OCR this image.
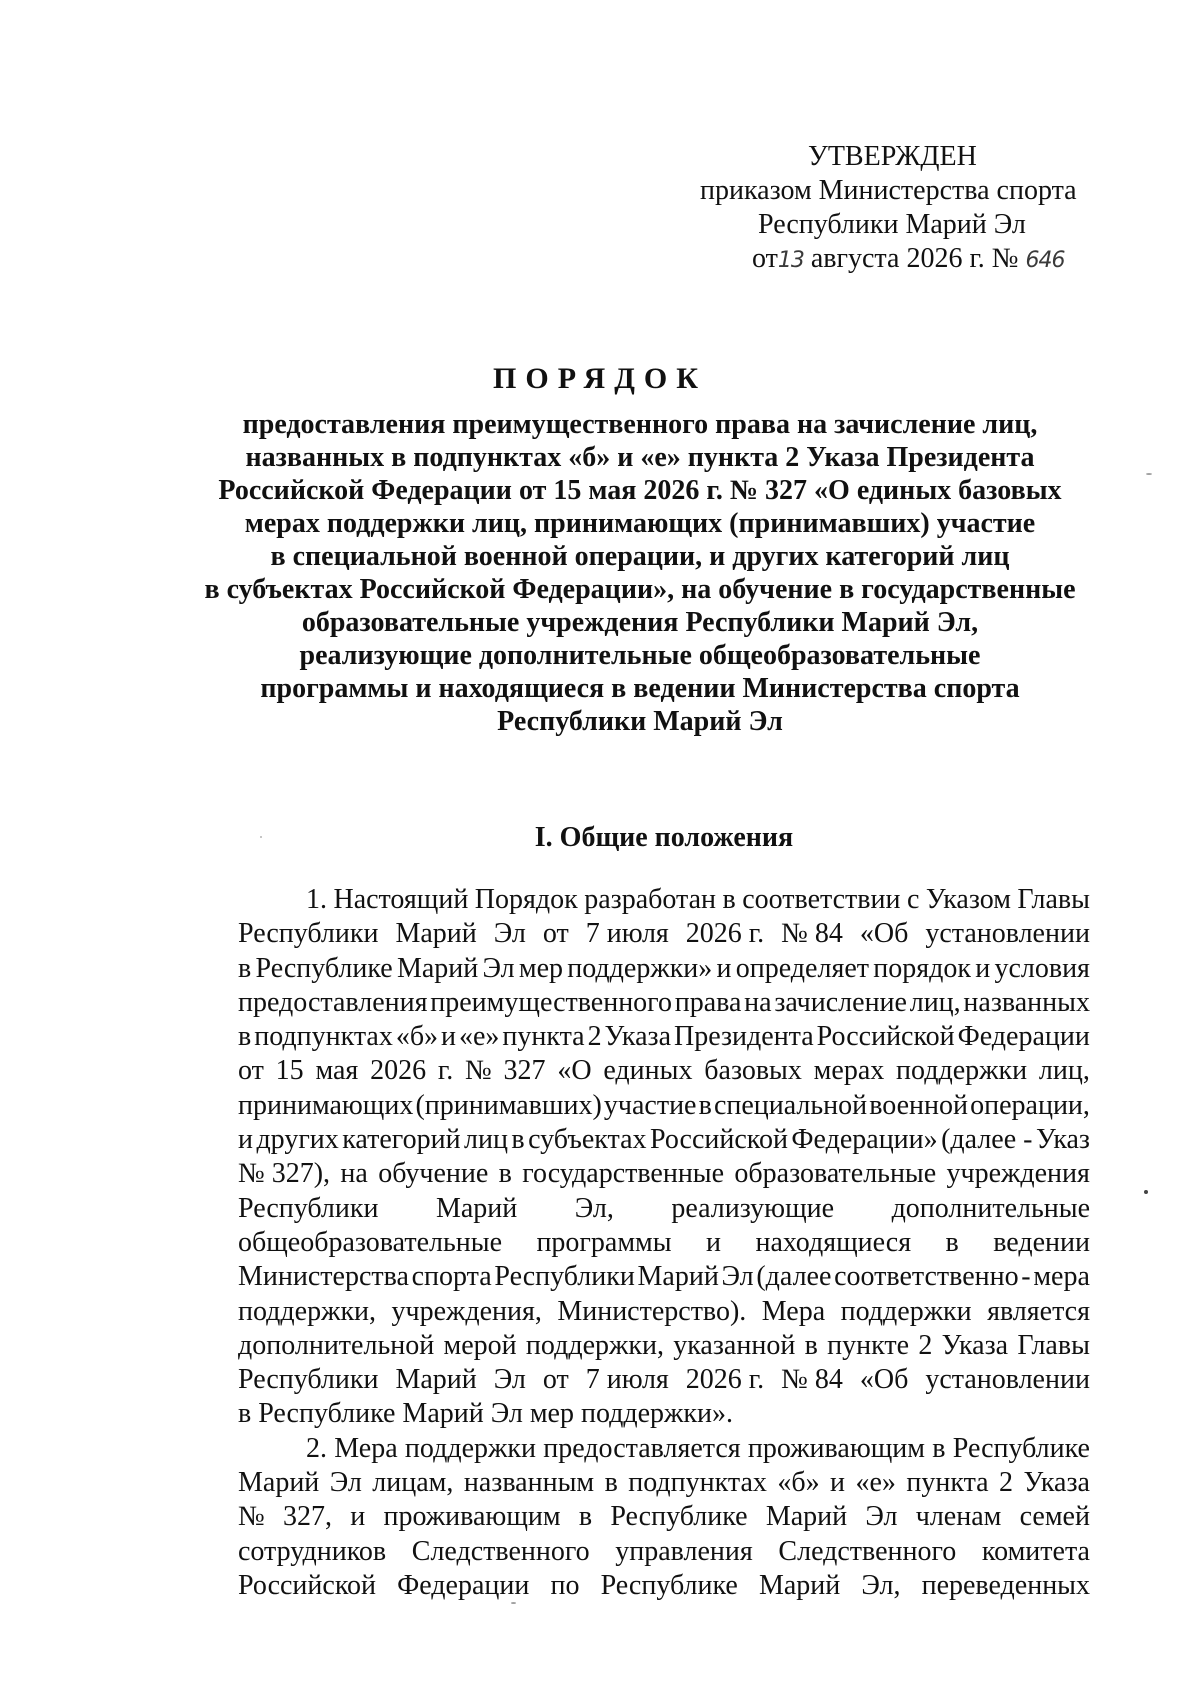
УТВЕРЖДЕН
приказом Министерства спорта
Республики Марий Эл
от13 августа 2026 г. № 646
ПОРЯДОК
предоставления преимущественного права на зачисление лиц,
названных в подпунктах «б» и «е» пункта 2 Указа Президента
Российской Федерации от 15 мая 2026 г. № 327 «О единых базовых
мерах поддержки лиц, принимающих (принимавших) участие
в специальной военной операции, и других категорий лиц
в субъектах Российской Федерации», на обучение в государственные
образовательные учреждения Республики Марий Эл,
реализующие дополнительные общеобразовательные
программы и находящиеся в ведении Министерства спорта
Республики Марий Эл
I. Общие положения
1. Настоящий Порядок разработан в соответствии с Указом Главы
Республики Марий Эл от 7 июля 2026 г. № 84 «Об установлении
в Республике Марий Эл мер поддержки» и определяет порядок и условия
предоставления преимущественного права на зачисление лиц, названных
в подпунктах «б» и «е» пункта 2 Указа Президента Российской Федерации
от 15 мая 2026 г. № 327 «О единых базовых мерах поддержки лиц,
принимающих (принимавших) участие в специальной военной операции,
и других категорий лиц в субъектах Российской Федерации» (далее - Указ
№ 327), на обучение в государственные образовательные учреждения
Республики Марий Эл, реализующие дополнительные
общеобразовательные программы и находящиеся в ведении
Министерства спорта Республики Марий Эл (далее соответственно - мера
поддержки, учреждения, Министерство). Мера поддержки является
дополнительной мерой поддержки, указанной в пункте 2 Указа Главы
Республики Марий Эл от 7 июля 2026 г. № 84 «Об установлении
в Республике Марий Эл мер поддержки».
2. Мера поддержки предоставляется проживающим в Республике
Марий Эл лицам, названным в подпунктах «б» и «е» пункта 2 Указа
№ 327, и проживающим в Республике Марий Эл членам семей
сотрудников Следственного управления Следственного комитета
Российской Федерации по Республике Марий Эл, переведенных
